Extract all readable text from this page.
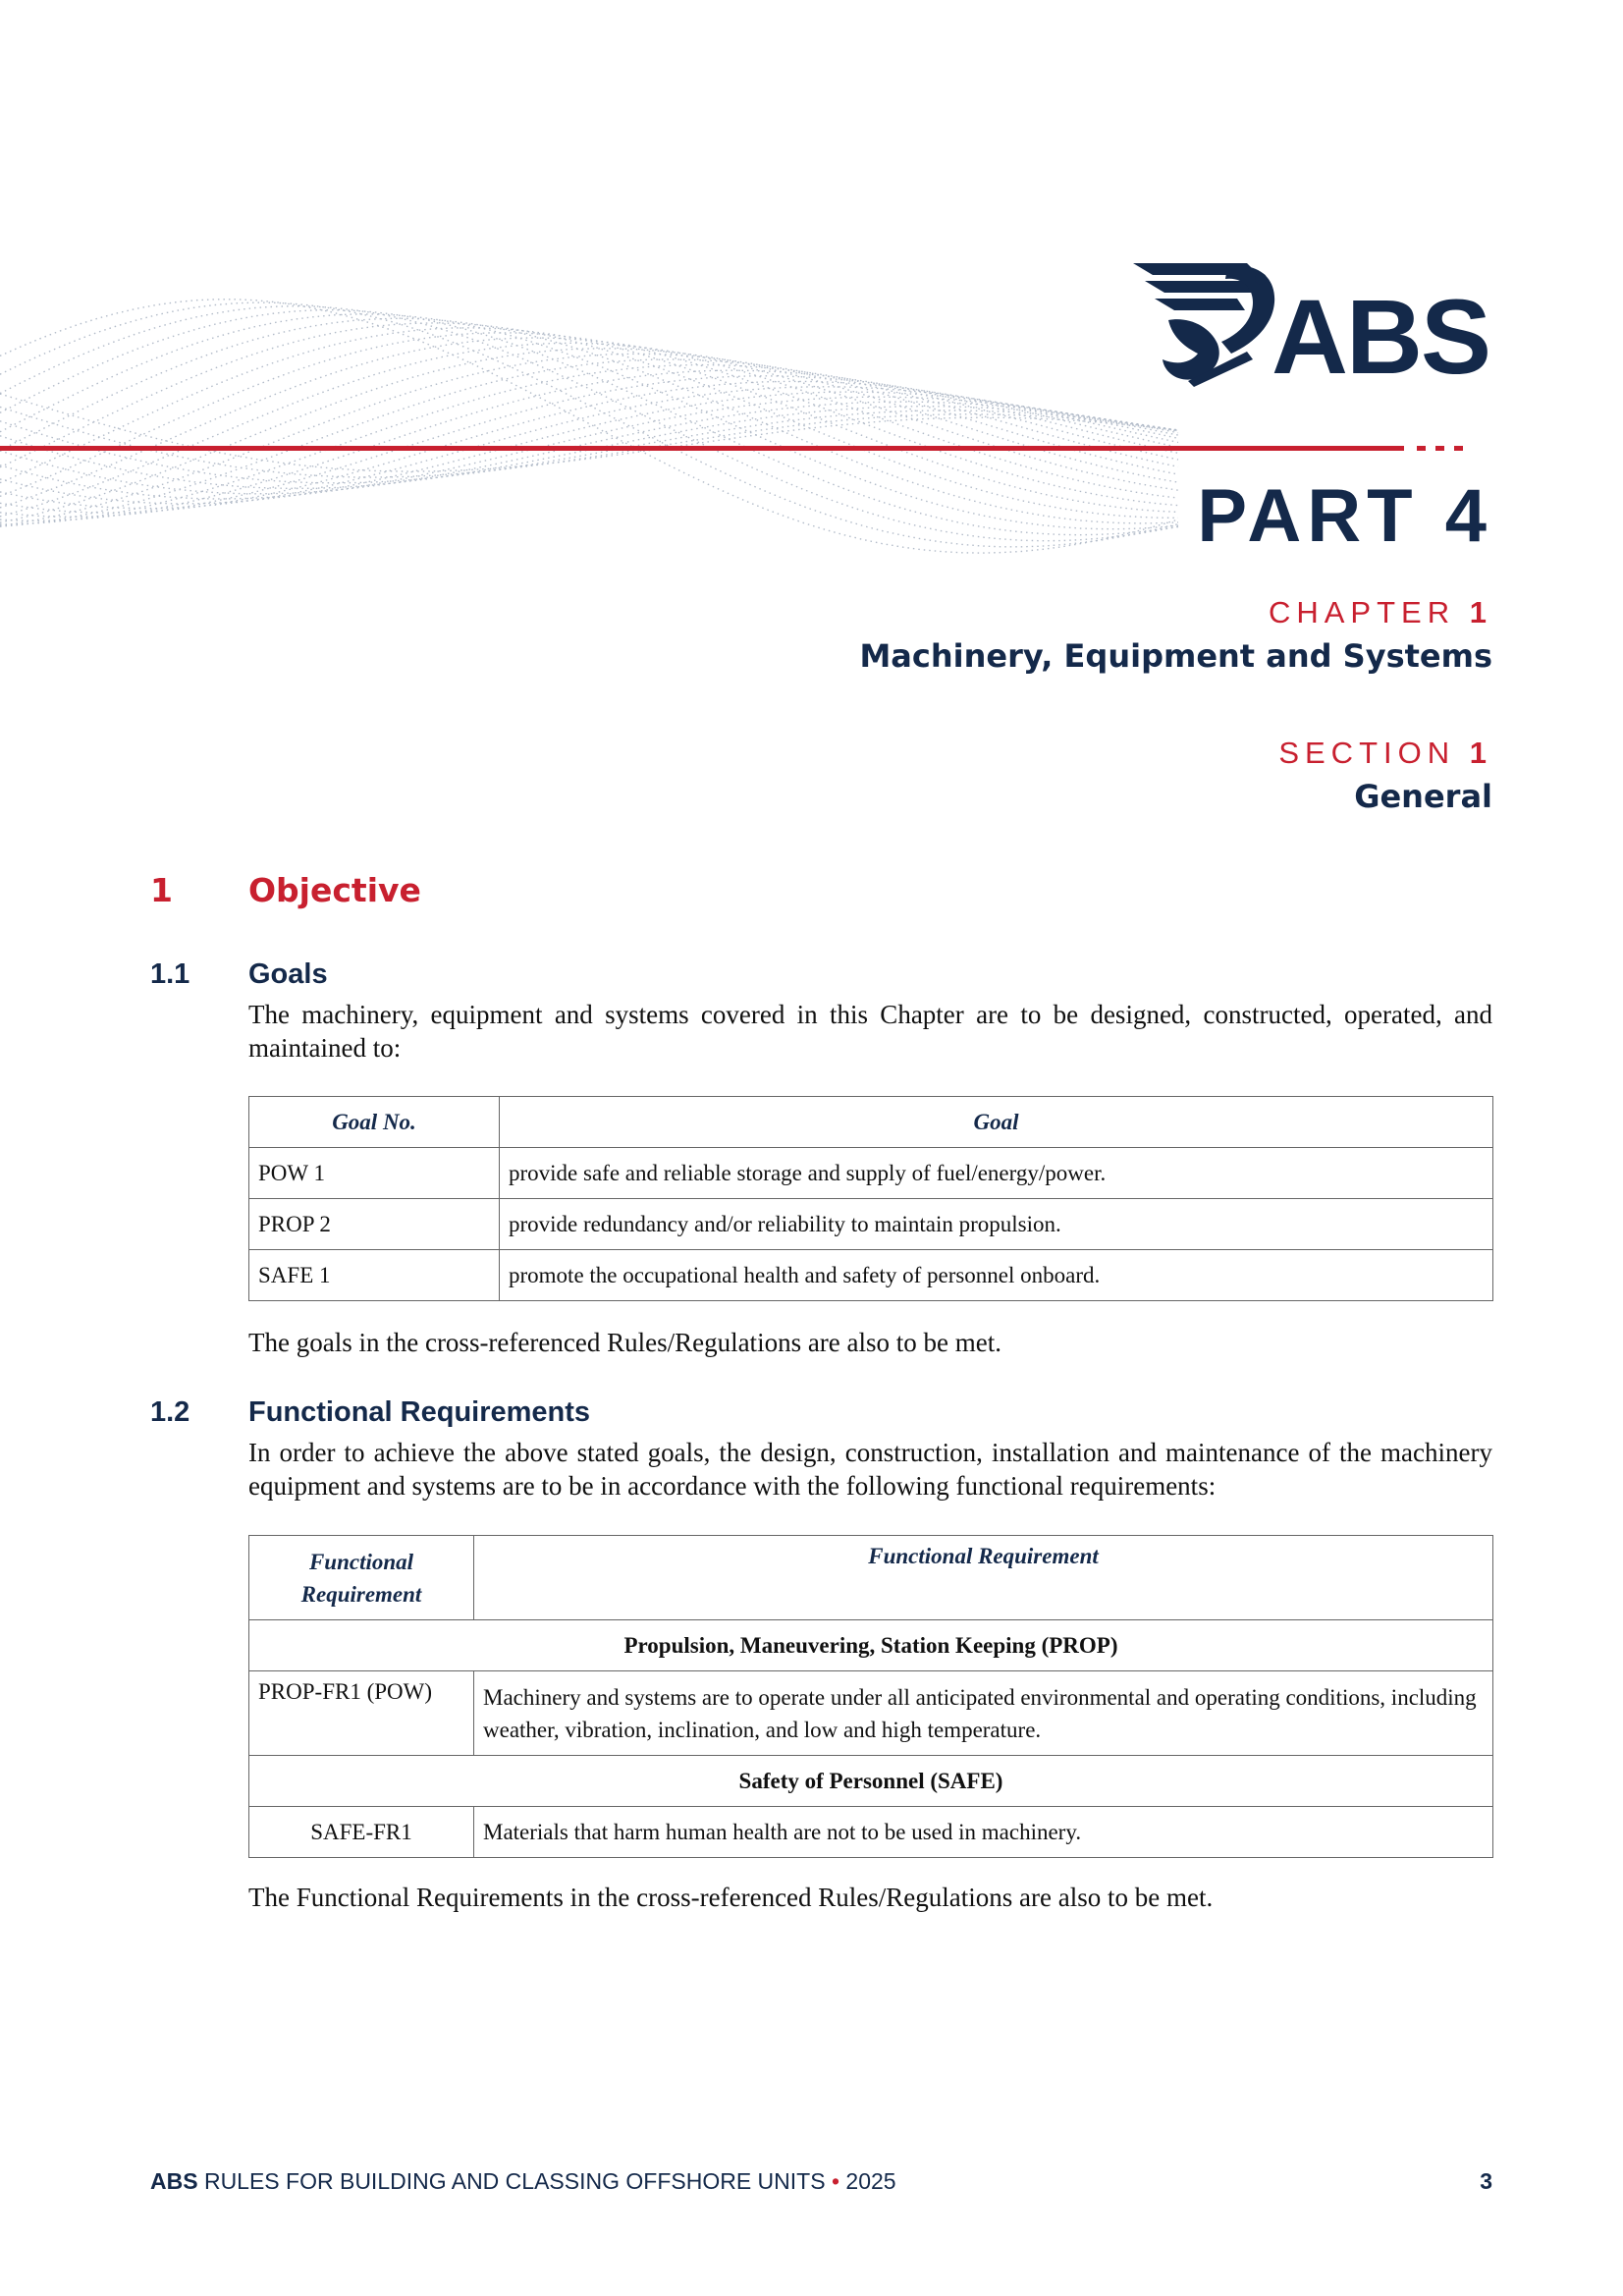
ABS
PART 4
CHAPTER 1
Machinery, Equipment and Systems
SECTION 1
General
1 Objective
1.1 Goals
The machinery, equipment and systems covered in this Chapter are to be designed, constructed, operated, and maintained to:
Goal No.	Goal
POW 1	provide safe and reliable storage and supply of fuel/energy/power.
PROP 2	provide redundancy and/or reliability to maintain propulsion.
SAFE 1	promote the occupational health and safety of personnel onboard.
The goals in the cross-referenced Rules/Regulations are also to be met.
1.2 Functional Requirements
In order to achieve the above stated goals, the design, construction, installation and maintenance of the machinery equipment and systems are to be in accordance with the following functional requirements:
Functional Requirement	Functional Requirement
Propulsion, Maneuvering, Station Keeping (PROP)	
PROP-FR1 (POW)	Machinery and systems are to operate under all anticipated environmental and operating conditions, including weather, vibration, inclination, and low and high temperature.
Safety of Personnel (SAFE)	
SAFE-FR1	Materials that harm human health are not to be used in machinery.
The Functional Requirements in the cross-referenced Rules/Regulations are also to be met.
ABS RULES FOR BUILDING AND CLASSING OFFSHORE UNITS • 2025	3
